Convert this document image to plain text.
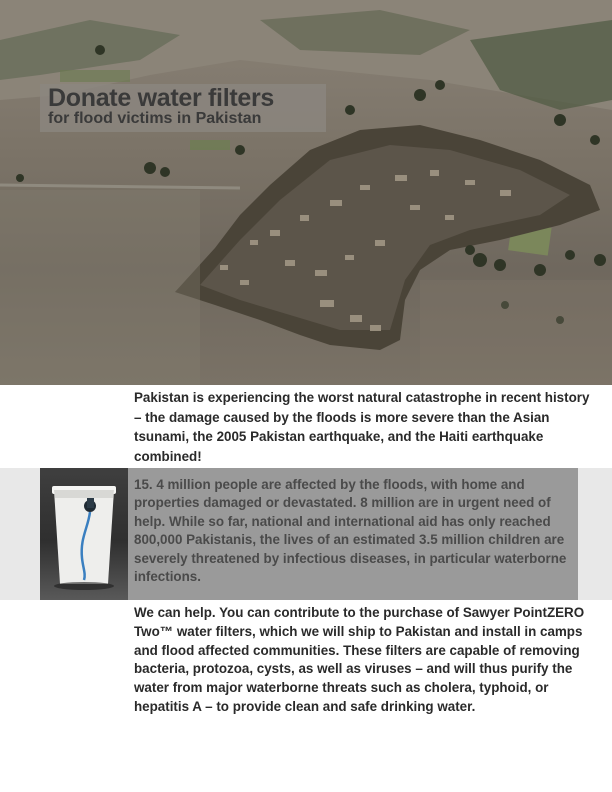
Donate water filters
for flood victims in Pakistan

Pakistan is experiencing the worst natural catastrophe in recent history – the damage caused by the floods is more severe than the Asian tsunami, the 2005 Pakistan earthquake, and the Haiti earthquake combined!

15. 4 million people are affected by the floods, with home and properties damaged or devastated. 8 million are in urgent need of help. While so far, national and international aid has only reached 800,000 Pakistanis, the lives of an estimated 3.5 million children are severely threatened by infectious diseases, in particular waterborne infections.

We can help. You can contribute to the purchase of Sawyer PointZERO Two™ water filters, which we will ship to Pakistan and install in camps and flood affected communities. These filters are capable of removing bacteria, protozoa, cysts, as well as viruses – and will thus purify the water from major waterborne threats such as cholera, typhoid, or hepatitis A – to provide clean and safe drinking water.
